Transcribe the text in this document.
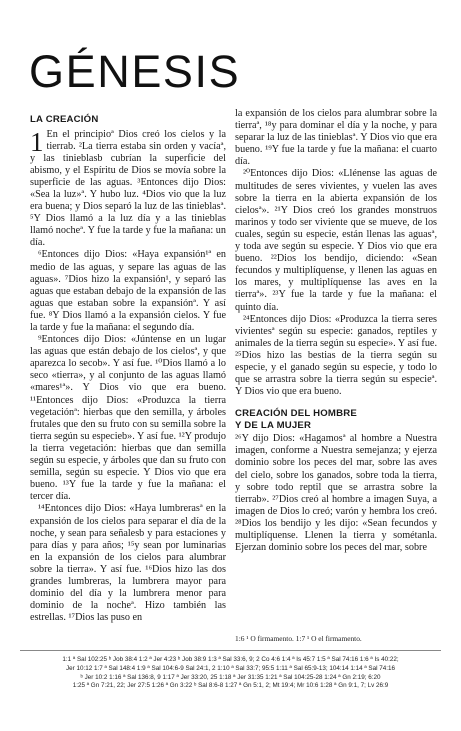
GÉNESIS
LA CREACIÓN

1 En el principioª Dios creó los cielos y la tierrab. ²La tierra estaba sin orden y vacíaª, y las tinieblasb cubrían la superficie del abismo, y el Espíritu de Dios se movía sobre la superficie de las aguas. ³Entonces dijo Dios: «Sea la luz»ª. Y hubo luz. ⁴Dios vio que la luz era buena; y Dios separó la luz de las tinieblasª. ⁵Y Dios llamó a la luz día y a las tinieblas llamó nocheª. Y fue la tarde y fue la mañana: un día.

⁶Entonces dijo Dios: «Haya expansión¹ª en medio de las aguas, y separe las aguas de las aguas». ⁷Dios hizo la expansión¹, y separó las aguas que estaban debajo de la expansión de las aguas que estaban sobre la expansiónª. Y así fue. ⁸Y Dios llamó a la expansión cielos. Y fue la tarde y fue la mañana: el segundo día.

⁹Entonces dijo Dios: «Júntense en un lugar las aguas que están debajo de los cielosª, y que aparezca lo secob». Y así fue. ¹⁰Dios llamó a lo seco «tierra», y al conjunto de las aguas llamó «mares¹ª». Y Dios vio que era bueno. ¹¹Entonces dijo Dios: «Produzca la tierra vegetaciónª: hierbas que den semilla, y árboles frutales que den su fruto con su semilla sobre la tierra según su especieb». Y así fue. ¹²Y produjo la tierra vegetación: hierbas que dan semilla según su especie, y árboles que dan su fruto con semilla, según su especie. Y Dios vio que era bueno. ¹³Y fue la tarde y fue la mañana: el tercer día.

¹⁴Entonces dijo Dios: «Haya lumbrerasª en la expansión de los cielos para separar el día de la noche, y sean para señalesb y para estaciones y para días y para años; ¹⁵y sean por luminarias en la expansión de los cielos para alumbrar sobre la tierra». Y así fue. ¹⁶Dios hizo las dos grandes lumbreras, la lumbrera mayor para dominio del día y la lumbrera menor para dominio de la nocheª. Hizo también las estrellas. ¹⁷Dios las puso en

la expansión de los cielos para alumbrar sobre la tierraª, ¹⁸y para dominar el día y la noche, y para separar la luz de las tinieblasª. Y Dios vio que era bueno. ¹⁹Y fue la tarde y fue la mañana: el cuarto día.

²⁰Entonces dijo Dios: «Llénense las aguas de multitudes de seres vivientes, y vuelen las aves sobre la tierra en la abierta expansión de los cielosª». ²¹Y Dios creó los grandes monstruos marinos y todo ser viviente que se mueve, de los cuales, según su especie, están llenas las aguasª, y toda ave según su especie. Y Dios vio que era bueno. ²²Dios los bendijo, diciendo: «Sean fecundos y multiplíquense, y llenen las aguas en los mares, y multiplíquense las aves en la tierraª». ²³Y fue la tarde y fue la mañana: el quinto día.

²⁴Entonces dijo Dios: «Produzca la tierra seres vivientesª según su especie: ganados, reptiles y animales de la tierra según su especie». Y así fue. ²⁵Dios hizo las bestias de la tierra según su especie, y el ganado según su especie, y todo lo que se arrastra sobre la tierra según su especieª. Y Dios vio que era bueno.

CREACIÓN DEL HOMBRE
Y DE LA MUJER

²⁶Y dijo Dios: «Hagamosª al hombre a Nuestra imagen, conforme a Nuestra semejanza; y ejerza dominio sobre los peces del mar, sobre las aves del cielo, sobre los ganados, sobre toda la tierra, y sobre todo reptil que se arrastra sobre la tierrab». ²⁷Dios creó al hombre a imagen Suya, a imagen de Dios lo creó; varón y hembra los creó. ²⁸Dios los bendijo y les dijo: «Sean fecundos y multiplíquense. Llenen la tierra y sométanla. Ejerzan dominio sobre los peces del mar, sobre

1:6 ¹ O firmamento. 1:7 ¹ O el firmamento.
1:1 ª Sal 102:25 ᵇ Job 38:4 1:2 ª Jer 4:23 ᵇ Job 38:9 1:3 ª Sal 33:6, 9; 2 Co 4:6 1:4 ª Is 45:7 1:5 ª Sal 74:16 1:6 ª Is 40:22;
Jer 10:12 1:7 ª Sal 148:4 1:9 ª Sal 104:6-9 Sal 24:1, 2 1:10 ª Sal 33:7; 95:5 1:11 ª Sal 65:9-13; 104:14 1:14 ª Sal 74:16
ᵇ Jer 10:2 1:16 ª Sal 136:8, 9 1:17 ª Jer 33:20, 25 1:18 ª Jer 31:35 1:21 ª Sal 104:25-28 1:24 ª Gn 2:19; 6:20
1:25 ª Gn 7:21, 22; Jer 27:5 1:26 ª Gn 3:22 ᵇ Sal 8:6-8 1:27 ª Gn 5:1, 2; Mt 19:4; Mr 10:6 1:28 ª Gn 9:1, 7; Lv 26:9
